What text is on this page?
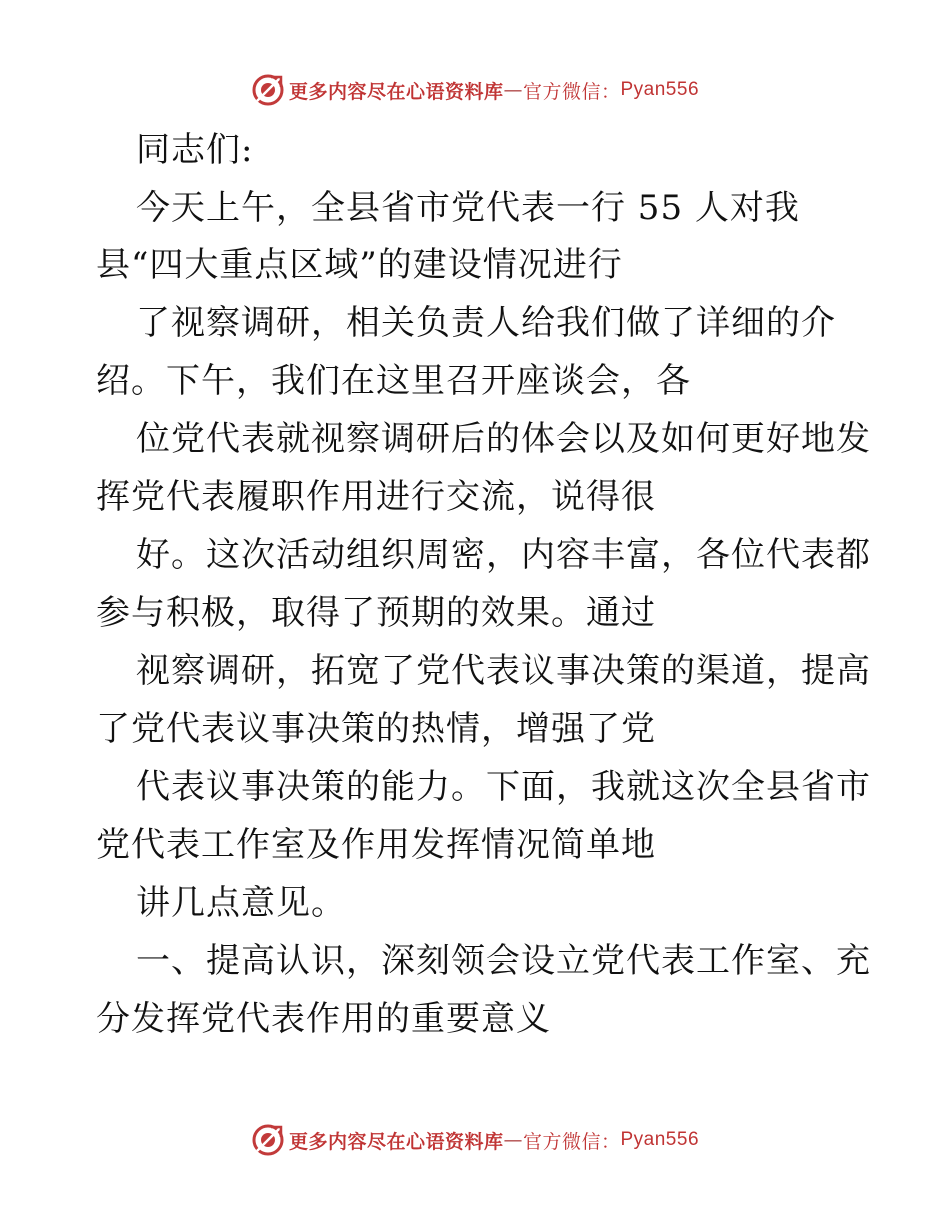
更多内容尽在心语资料库 — 官方微信： Pyan556
同志们:
今天上午，全县省市党代表一行 55 人对我
县“四大重点区域”的建设情况进行
了视察调研，相关负责人给我们做了详细的介
绍。下午，我们在这里召开座谈会，各
位党代表就视察调研后的体会以及如何更好地发
挥党代表履职作用进行交流，说得很
好。这次活动组织周密，内容丰富，各位代表都
参与积极，取得了预期的效果。通过
视察调研，拓宽了党代表议事决策的渠道，提高
了党代表议事决策的热情，增强了党
代表议事决策的能力。下面，我就这次全县省市
党代表工作室及作用发挥情况简单地
讲几点意见。
一、提高认识，深刻领会设立党代表工作室、充
分发挥党代表作用的重要意义
更多内容尽在心语资料库 — 官方微信： Pyan556
